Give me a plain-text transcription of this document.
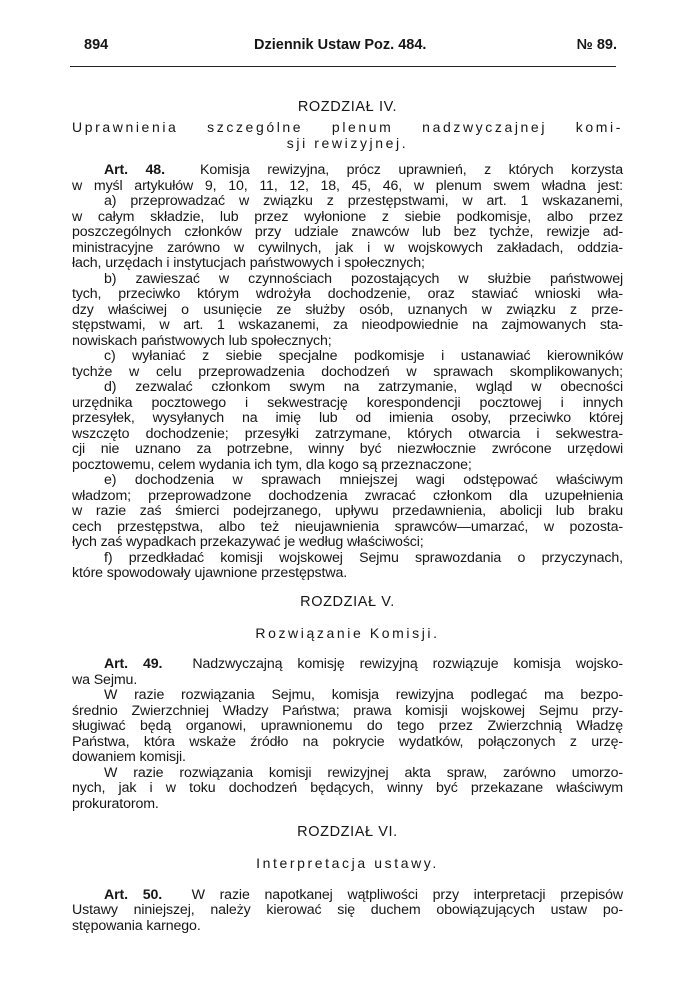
894	Dziennik Ustaw Poz. 484.	№ 89.
ROZDZIAŁ IV.
Uprawnienia szczególne plenum nadzwyczajnej komi-
sji rewizyjnej.
Art. 48. Komisja rewizyjna, prócz uprawnień, z których korzysta
w myśl artykułów 9, 10, 11, 12, 18, 45, 46, w plenum swem władna jest:
a) przeprowadzać w związku z przestępstwami, w art. 1 wskazanemi,
w całym składzie, lub przez wyłonione z siebie podkomisje, albo przez
poszczególnych członków przy udziale znawców lub bez tychże, rewizje ad-
ministracyjne zarówno w cywilnych, jak i w wojskowych zakładach, oddzia-
łach, urzędach i instytucjach państwowych i społecznych;
b) zawieszać w czynnościach pozostających w służbie państwowej
tych, przeciwko którym wdrożyła dochodzenie, oraz stawiać wnioski wła-
dzy właściwej o usunięcie ze służby osób, uznanych w związku z prze-
stępstwami, w art. 1 wskazanemi, za nieodpowiednie na zajmowanych sta-
nowiskach państwowych lub społecznych;
c) wyłaniać z siebie specjalne podkomisje i ustanawiać kierowników
tychże w celu przeprowadzenia dochodzeń w sprawach skomplikowanych;
d) zezwalać członkom swym na zatrzymanie, wgląd w obecności
urzędnika pocztowego i sekwestrację korespondencji pocztowej i innych
przesyłek, wysyłanych na imię lub od imienia osoby, przeciwko której
wszczęto dochodzenie; przesyłki zatrzymane, których otwarcia i sekwestra-
cji nie uznano za potrzebne, winny być niezwłocznie zwrócone urzędowi
pocztowemu, celem wydania ich tym, dla kogo są przeznaczone;
e) dochodzenia w sprawach mniejszej wagi odstępować właściwym
władzom; przeprowadzone dochodzenia zwracać członkom dla uzupełnienia
w razie zaś śmierci podejrzanego, upływu przedawnienia, abolicji lub braku
cech przestępstwa, albo też nieujawnienia sprawców—umarzać, w pozosta-
łych zaś wypadkach przekazywać je według właściwości;
f) przedkładać komisji wojskowej Sejmu sprawozdania o przyczynach,
które spowodowały ujawnione przestępstwa.
ROZDZIAŁ V.
Rozwiązanie Komisji.
Art. 49. Nadzwyczajną komisję rewizyjną rozwiązuje komisja wojsko-
wa Sejmu.
W razie rozwiązania Sejmu, komisja rewizyjna podlegać ma bezpo-
średnio Zwierzchniej Władzy Państwa; prawa komisji wojskowej Sejmu przy-
sługiwać będą organowi, uprawnionemu do tego przez Zwierzchnią Władzę
Państwa, która wskaże źródło na pokrycie wydatków, połączonych z urzę-
dowaniem komisji.
W razie rozwiązania komisji rewizyjnej akta spraw, zarówno umorzo-
nych, jak i w toku dochodzeń będących, winny być przekazane właściwym
prokuratorom.
ROZDZIAŁ VI.
Interpretacja ustawy.
Art. 50. W razie napotkanej wątpliwości przy interpretacji przepisów
Ustawy niniejszej, należy kierować się duchem obowiązujących ustaw po-
stępowania karnego.
